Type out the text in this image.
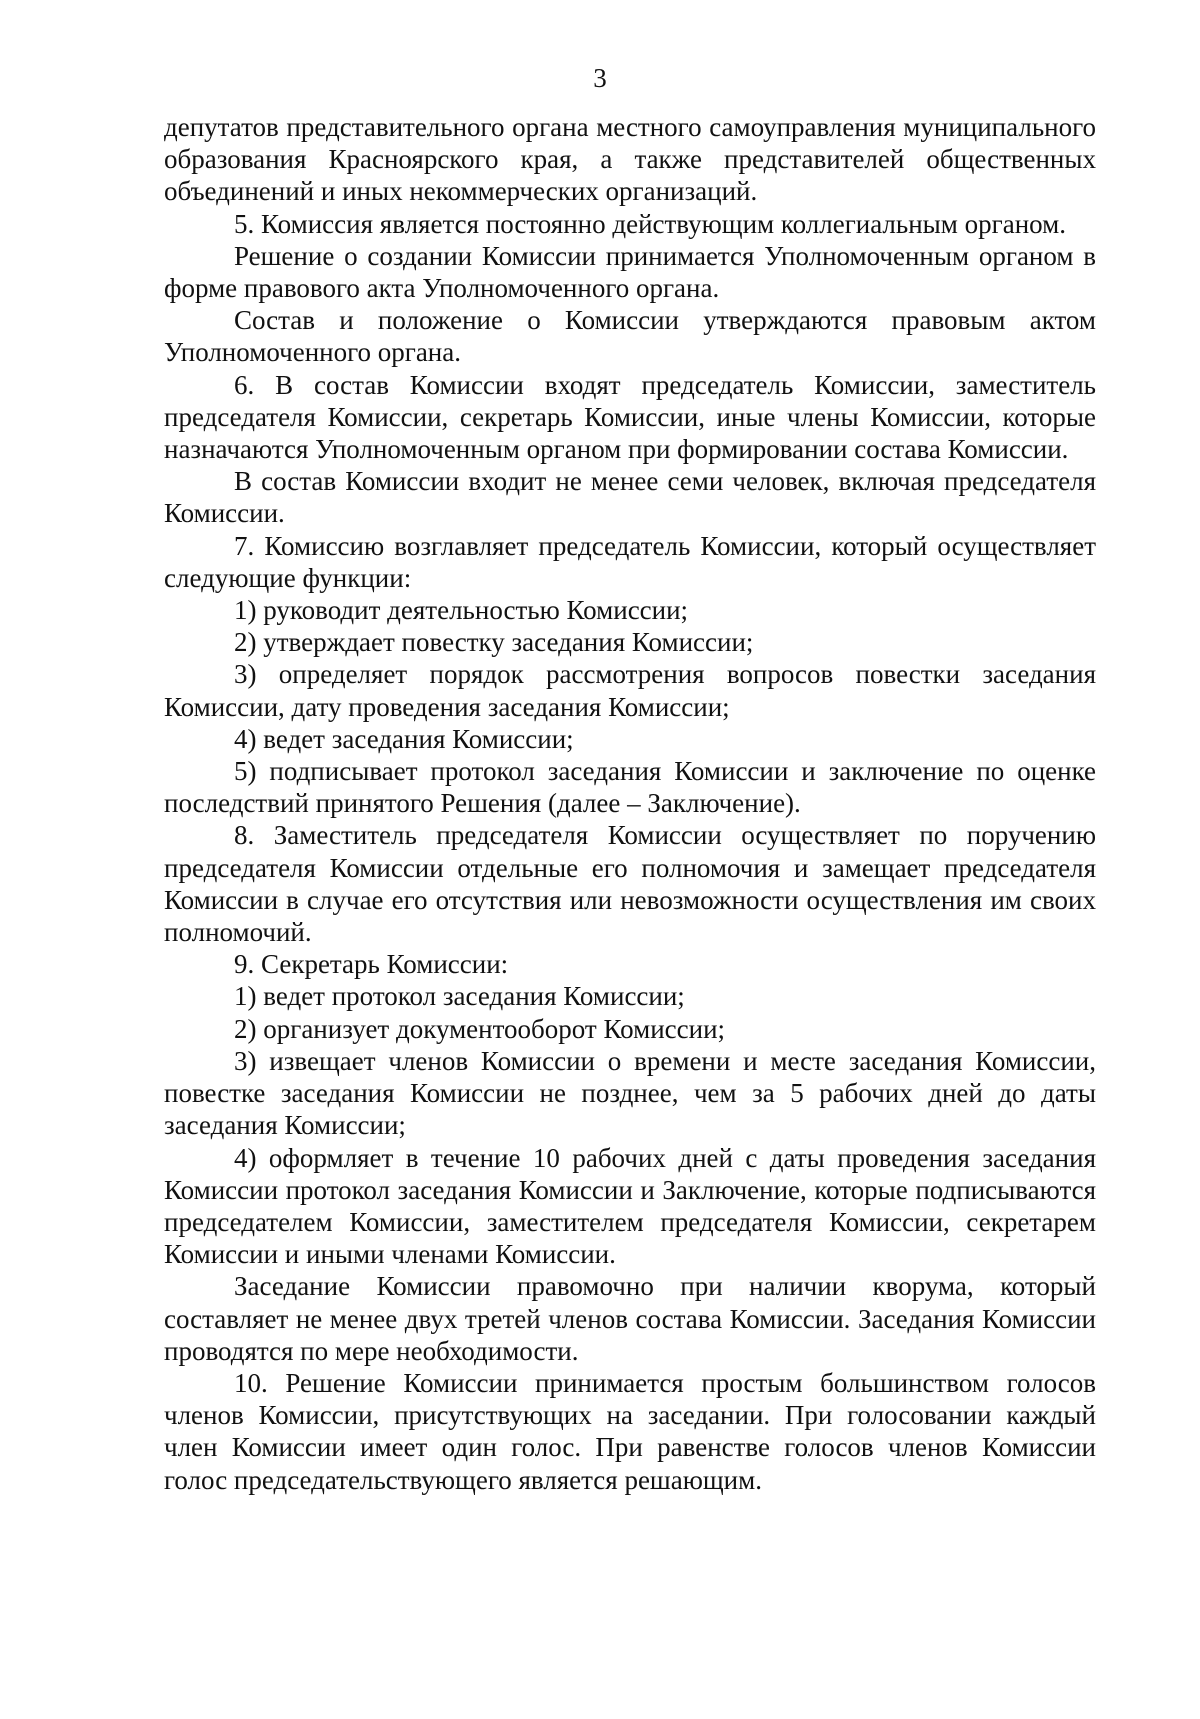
3

депутатов представительного органа местного самоуправления муниципального образования Красноярского края, а также представителей общественных объединений и иных некоммерческих организаций.

5. Комиссия является постоянно действующим коллегиальным органом.

Решение о создании Комиссии принимается Уполномоченным органом в форме правового акта Уполномоченного органа.

Состав и положение о Комиссии утверждаются правовым актом Уполномоченного органа.

6. В состав Комиссии входят председатель Комиссии, заместитель председателя Комиссии, секретарь Комиссии, иные члены Комиссии, которые назначаются Уполномоченным органом при формировании состава Комиссии.

В состав Комиссии входит не менее семи человек, включая председателя Комиссии.

7. Комиссию возглавляет председатель Комиссии, который осуществляет следующие функции:

1) руководит деятельностью Комиссии;

2) утверждает повестку заседания Комиссии;

3) определяет порядок рассмотрения вопросов повестки заседания Комиссии, дату проведения заседания Комиссии;

4) ведет заседания Комиссии;

5) подписывает протокол заседания Комиссии и заключение по оценке последствий принятого Решения (далее – Заключение).

8. Заместитель председателя Комиссии осуществляет по поручению председателя Комиссии отдельные его полномочия и замещает председателя Комиссии в случае его отсутствия или невозможности осуществления им своих полномочий.

9. Секретарь Комиссии:

1) ведет протокол заседания Комиссии;

2) организует документооборот Комиссии;

3) извещает членов Комиссии о времени и месте заседания Комиссии, повестке заседания Комиссии не позднее, чем за 5 рабочих дней до даты заседания Комиссии;

4) оформляет в течение 10 рабочих дней с даты проведения заседания Комиссии протокол заседания Комиссии и Заключение, которые подписываются председателем Комиссии, заместителем председателя Комиссии, секретарем Комиссии и иными членами Комиссии.

Заседание Комиссии правомочно при наличии кворума, который составляет не менее двух третей членов состава Комиссии. Заседания Комиссии проводятся по мере необходимости.

10. Решение Комиссии принимается простым большинством голосов членов Комиссии, присутствующих на заседании. При голосовании каждый член Комиссии имеет один голос. При равенстве голосов членов Комиссии голос председательствующего является решающим.
